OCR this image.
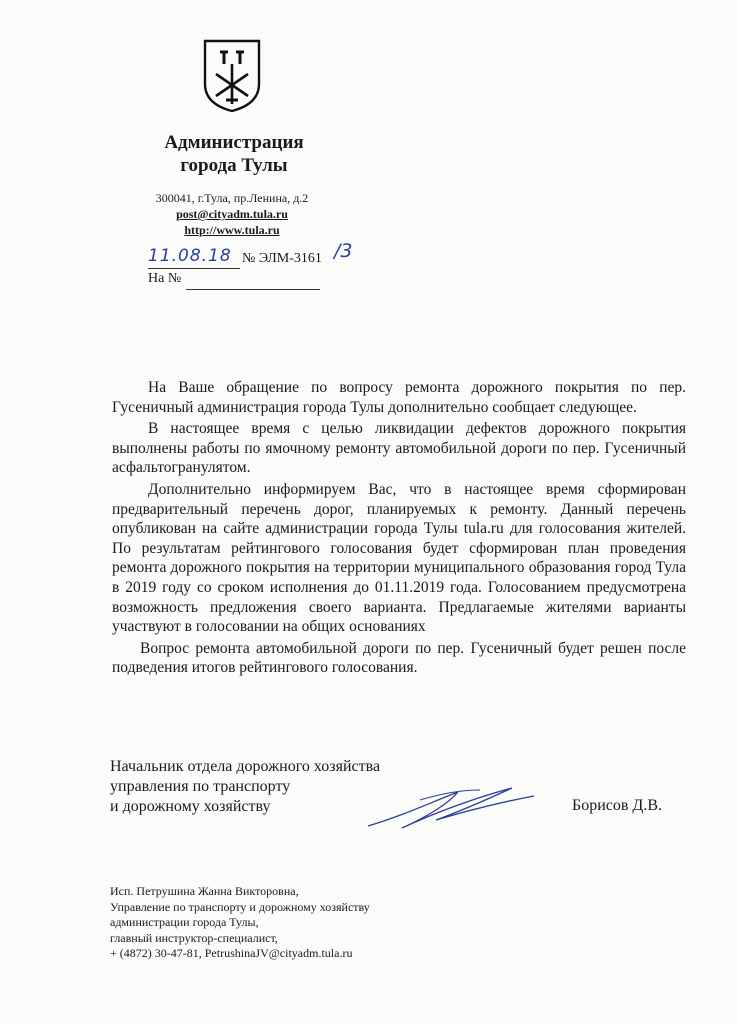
Администрация
города Тулы
300041, г.Тула, пр.Ленина, д.2
post@cityadm.tula.ru
http://www.tula.ru
11.08.18 № ЭЛМ-3161 /3
На №

На Ваше обращение по вопросу ремонта дорожного покрытия по пер. Гусеничный администрация города Тулы дополнительно сообщает следующее.

В настоящее время с целью ликвидации дефектов дорожного покрытия выполнены работы по ямочному ремонту автомобильной дороги по пер. Гусеничный асфальтогранулятом.

Дополнительно информируем Вас, что в настоящее время сформирован предварительный перечень дорог, планируемых к ремонту. Данный перечень опубликован на сайте администрации города Тулы tula.ru для голосования жителей. По результатам рейтингового голосования будет сформирован план проведения ремонта дорожного покрытия на территории муниципального образования город Тула в 2019 году со сроком исполнения до 01.11.2019 года. Голосованием предусмотрена возможность предложения своего варианта. Предлагаемые жителями варианты участвуют в голосовании на общих основаниях

Вопрос ремонта автомобильной дороги по пер. Гусеничный будет решен после подведения итогов рейтингового голосования.

Начальник отдела дорожного хозяйства
управления по транспорту
и дорожному хозяйству	Борисов Д.В.
Исп. Петрушина Жанна Викторовна,
Управление по транспорту и дорожному хозяйству
администрации города Тулы,
главный инструктор-специалист,
+ (4872) 30-47-81, PetrushinaJV@cityadm.tula.ru
